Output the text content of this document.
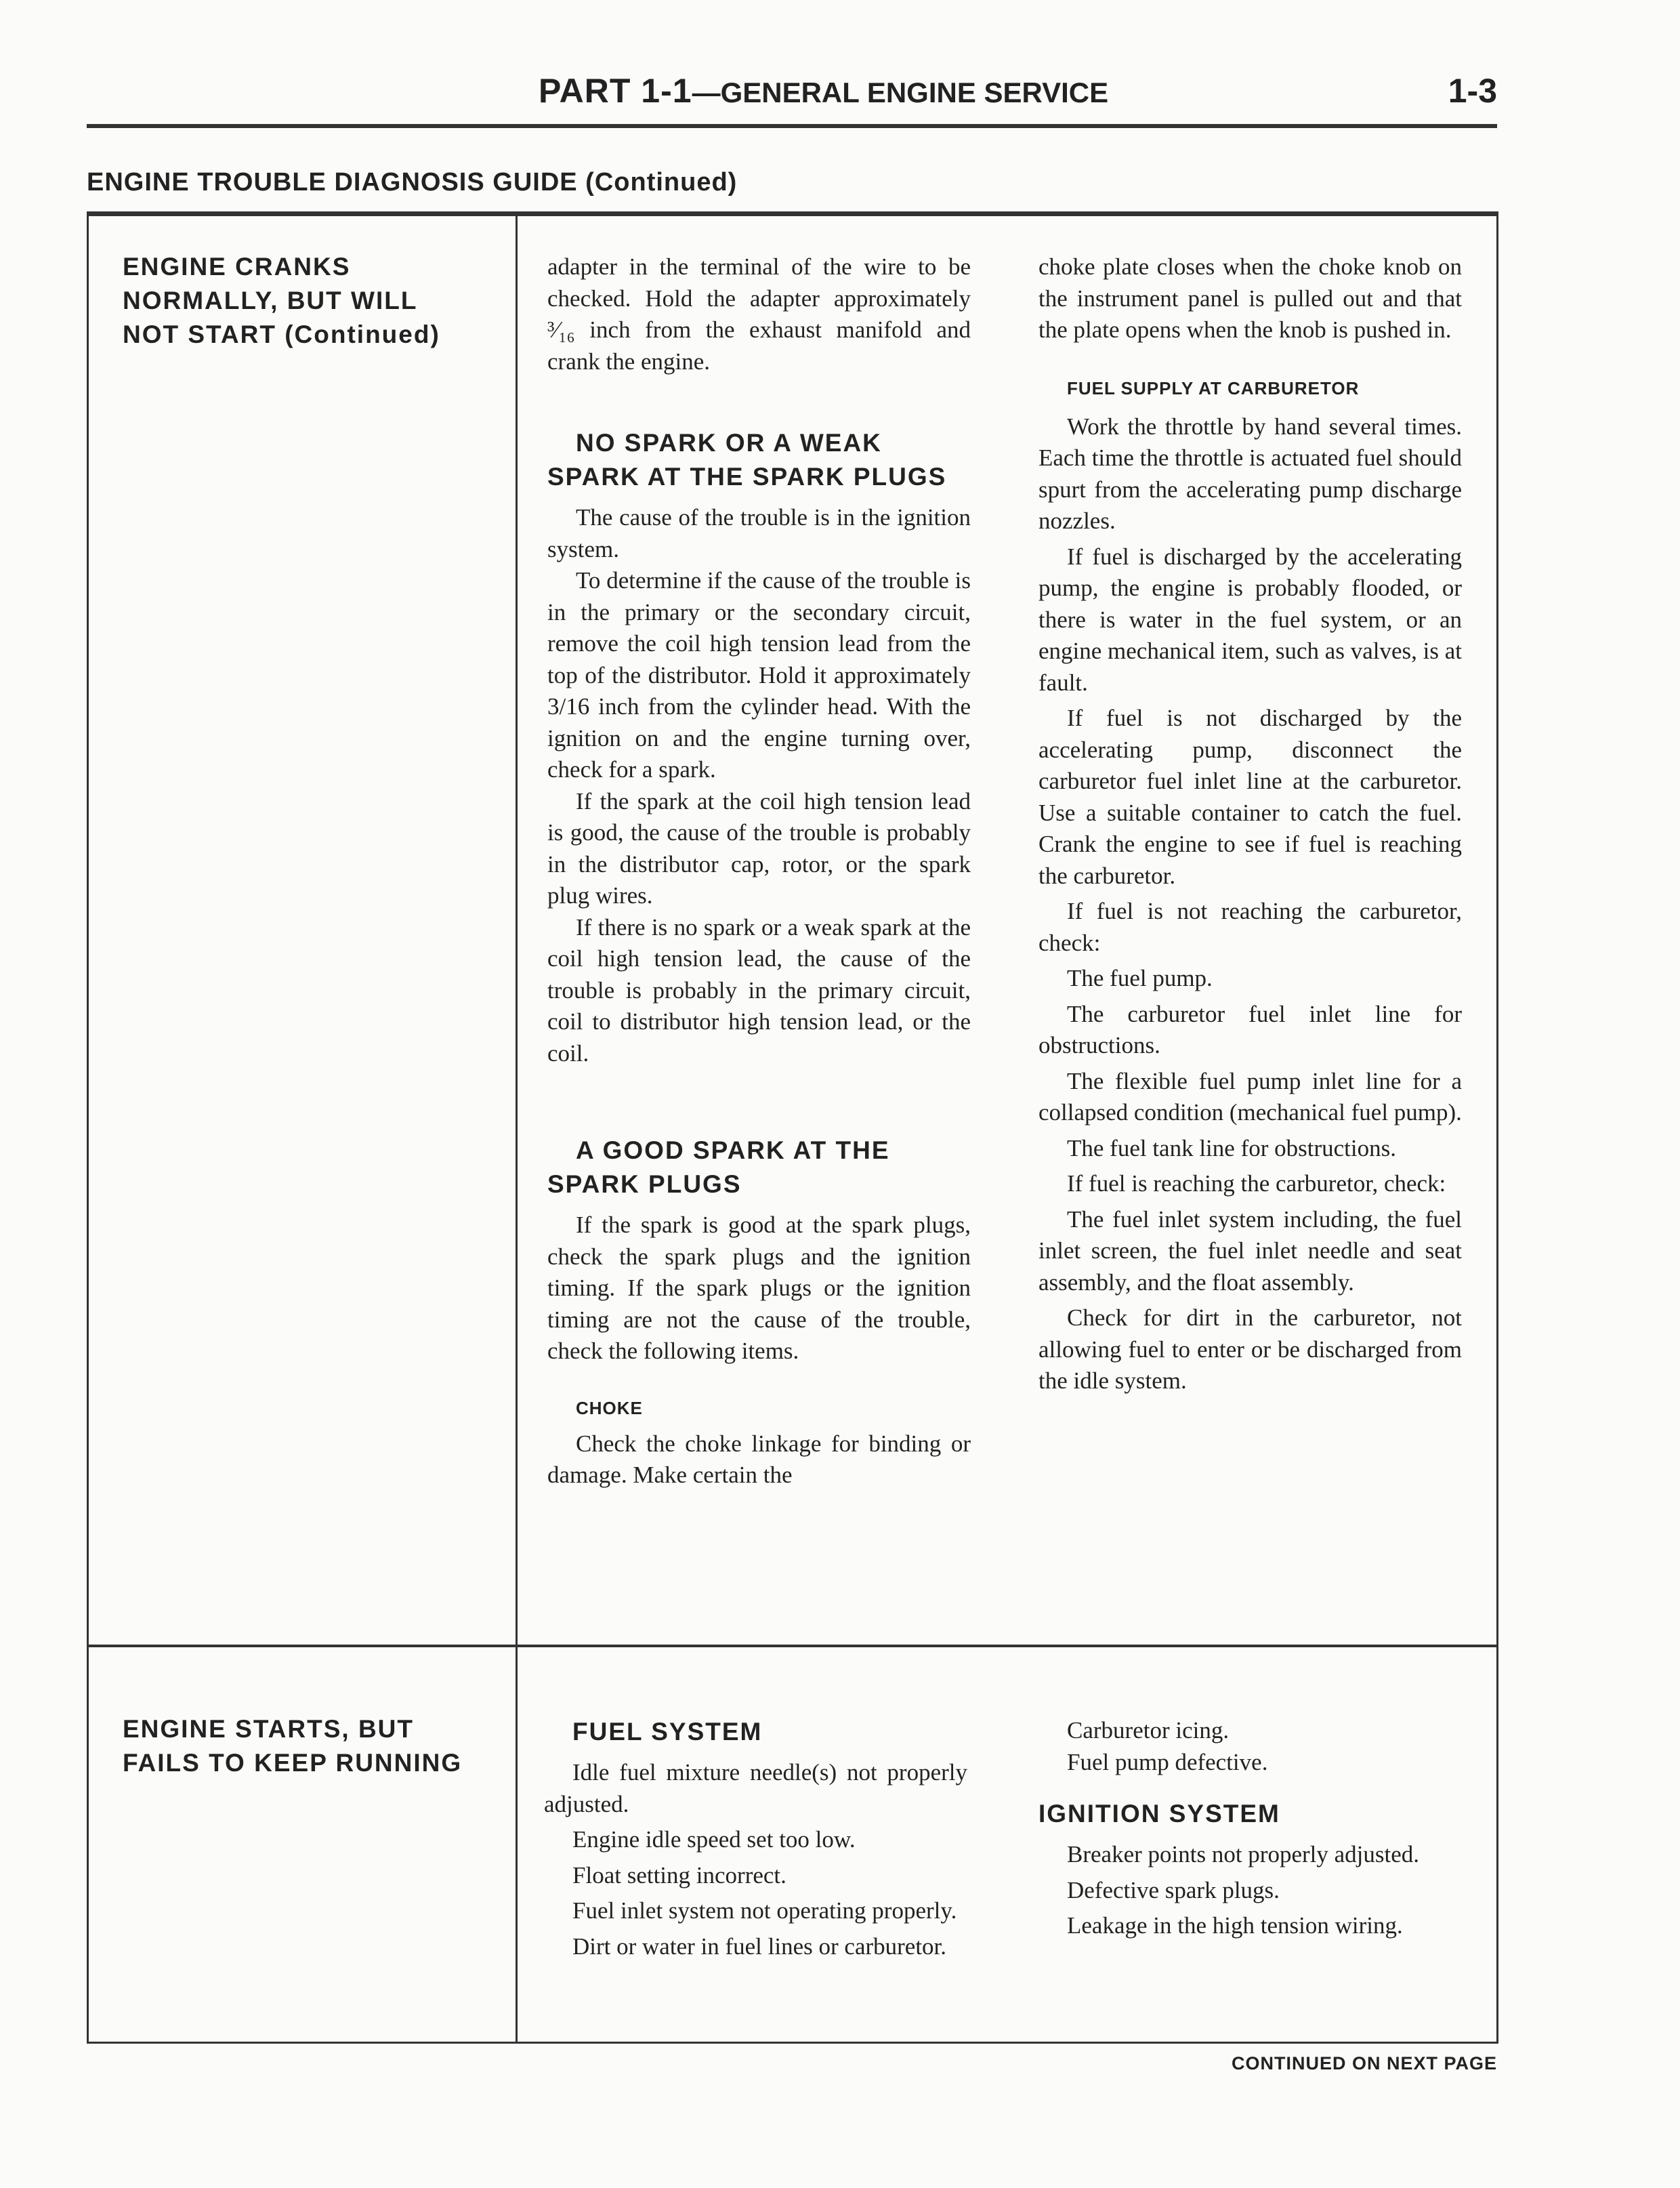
PART 1-1—GENERAL ENGINE SERVICE	1-3
ENGINE TROUBLE DIAGNOSIS GUIDE (Continued)
ENGINE CRANKS
NORMALLY, BUT WILL
NOT START (Continued)

adapter in the terminal of the wire to be checked. Hold the adapter approximately ³⁄₁₆ inch from the exhaust manifold and crank the engine.

NO SPARK OR A WEAK SPARK AT THE SPARK PLUGS

The cause of the trouble is in the ignition system.

To determine if the cause of the trouble is in the primary or the secondary circuit, remove the coil high tension lead from the top of the distributor. Hold it approximately 3/16 inch from the cylinder head. With the ignition on and the engine turning over, check for a spark.

If the spark at the coil high tension lead is good, the cause of the trouble is probably in the distributor cap, rotor, or the spark plug wires.

If there is no spark or a weak spark at the coil high tension lead, the cause of the trouble is probably in the primary circuit, coil to distributor high tension lead, or the coil.

A GOOD SPARK AT THE SPARK PLUGS

If the spark is good at the spark plugs, check the spark plugs and the ignition timing. If the spark plugs or the ignition timing are not the cause of the trouble, check the following items.

CHOKE

Check the choke linkage for binding or damage. Make certain the

choke plate closes when the choke knob on the instrument panel is pulled out and that the plate opens when the knob is pushed in.

FUEL SUPPLY AT CARBURETOR

Work the throttle by hand several times. Each time the throttle is actuated fuel should spurt from the accelerating pump discharge nozzles.

If fuel is discharged by the accelerating pump, the engine is probably flooded, or there is water in the fuel system, or an engine mechanical item, such as valves, is at fault.

If fuel is not discharged by the accelerating pump, disconnect the carburetor fuel inlet line at the carburetor. Use a suitable container to catch the fuel. Crank the engine to see if fuel is reaching the carburetor.

If fuel is not reaching the carburetor, check:

The fuel pump.

The carburetor fuel inlet line for obstructions.

The flexible fuel pump inlet line for a collapsed condition (mechanical fuel pump).

The fuel tank line for obstructions.

If fuel is reaching the carburetor, check:

The fuel inlet system including, the fuel inlet screen, the fuel inlet needle and seat assembly, and the float assembly.

Check for dirt in the carburetor, not allowing fuel to enter or be discharged from the idle system.

ENGINE STARTS, BUT
FAILS TO KEEP RUNNING

FUEL SYSTEM

Idle fuel mixture needle(s) not properly adjusted.

Engine idle speed set too low.

Float setting incorrect.

Fuel inlet system not operating properly.

Dirt or water in fuel lines or carburetor.

Carburetor icing.

Fuel pump defective.

IGNITION SYSTEM

Breaker points not properly adjusted.

Defective spark plugs.

Leakage in the high tension wiring.

CONTINUED ON NEXT PAGE
